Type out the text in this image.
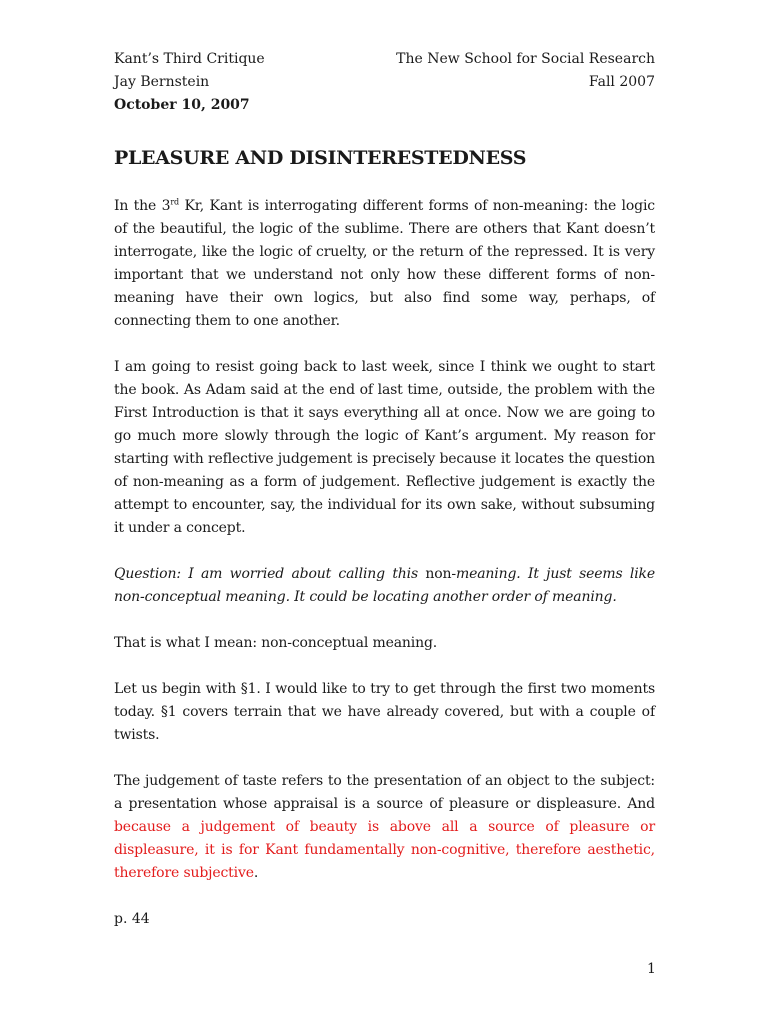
Kant’s Third Critique	The New School for Social Research
Jay Bernstein	Fall 2007
October 10, 2007
PLEASURE AND DISINTERESTEDNESS

In the 3rd Kr, Kant is interrogating different forms of non-meaning: the logic of the beautiful, the logic of the sublime. There are others that Kant doesn’t interrogate, like the logic of cruelty, or the return of the repressed. It is very important that we understand not only how these different forms of non-meaning have their own logics, but also find some way, perhaps, of connecting them to one another.

I am going to resist going back to last week, since I think we ought to start the book. As Adam said at the end of last time, outside, the problem with the First Introduction is that it says everything all at once. Now we are going to go much more slowly through the logic of Kant’s argument. My reason for starting with reflective judgement is precisely because it locates the question of non-meaning as a form of judgement. Reflective judgement is exactly the attempt to encounter, say, the individual for its own sake, without subsuming it under a concept.

Question: I am worried about calling this non-meaning. It just seems like non-conceptual meaning. It could be locating another order of meaning.

That is what I mean: non-conceptual meaning.

Let us begin with §1. I would like to try to get through the first two moments today. §1 covers terrain that we have already covered, but with a couple of twists.

The judgement of taste refers to the presentation of an object to the subject: a presentation whose appraisal is a source of pleasure or displeasure. And because a judgement of beauty is above all a source of pleasure or displeasure, it is for Kant fundamentally non-cognitive, therefore aesthetic, therefore subjective.

p. 44
1
